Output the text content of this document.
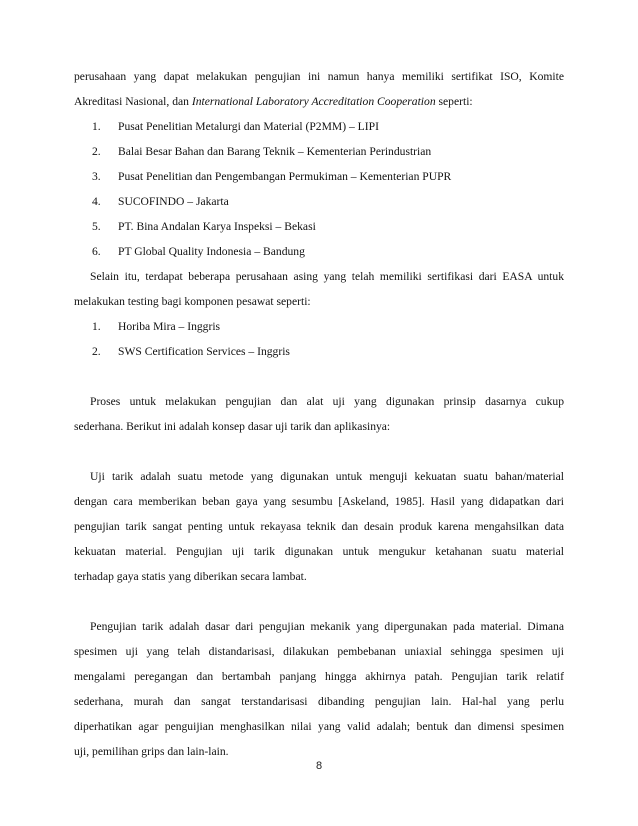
perusahaan yang dapat melakukan pengujian ini namun hanya memiliki sertifikat ISO, Komite
Akreditasi Nasional, dan International Laboratory Accreditation Cooperation seperti:
1. Pusat Penelitian Metalurgi dan Material (P2MM) – LIPI
2. Balai Besar Bahan dan Barang Teknik – Kementerian Perindustrian
3. Pusat Penelitian dan Pengembangan Permukiman – Kementerian PUPR
4. SUCOFINDO – Jakarta
5. PT. Bina Andalan Karya Inspeksi – Bekasi
6. PT Global Quality Indonesia – Bandung
Selain itu, terdapat beberapa perusahaan asing yang telah memiliki sertifikasi dari EASA untuk
melakukan testing bagi komponen pesawat seperti:
1. Horiba Mira – Inggris
2. SWS Certification Services – Inggris
Proses untuk melakukan pengujian dan alat uji yang digunakan prinsip dasarnya cukup
sederhana. Berikut ini adalah konsep dasar uji tarik dan aplikasinya:
Uji tarik adalah suatu metode yang digunakan untuk menguji kekuatan suatu bahan/material
dengan cara memberikan beban gaya yang sesumbu [Askeland, 1985]. Hasil yang didapatkan dari
pengujian tarik sangat penting untuk rekayasa teknik dan desain produk karena mengahsilkan data
kekuatan material. Pengujian uji tarik digunakan untuk mengukur ketahanan suatu material
terhadap gaya statis yang diberikan secara lambat.
Pengujian tarik adalah dasar dari pengujian mekanik yang dipergunakan pada material. Dimana
spesimen uji yang telah distandarisasi, dilakukan pembebanan uniaxial sehingga spesimen uji
mengalami peregangan dan bertambah panjang hingga akhirnya patah. Pengujian tarik relatif
sederhana, murah dan sangat terstandarisasi dibanding pengujian lain. Hal-hal yang perlu
diperhatikan agar penguijian menghasilkan nilai yang valid adalah; bentuk dan dimensi spesimen
uji, pemilihan grips dan lain-lain.
8
